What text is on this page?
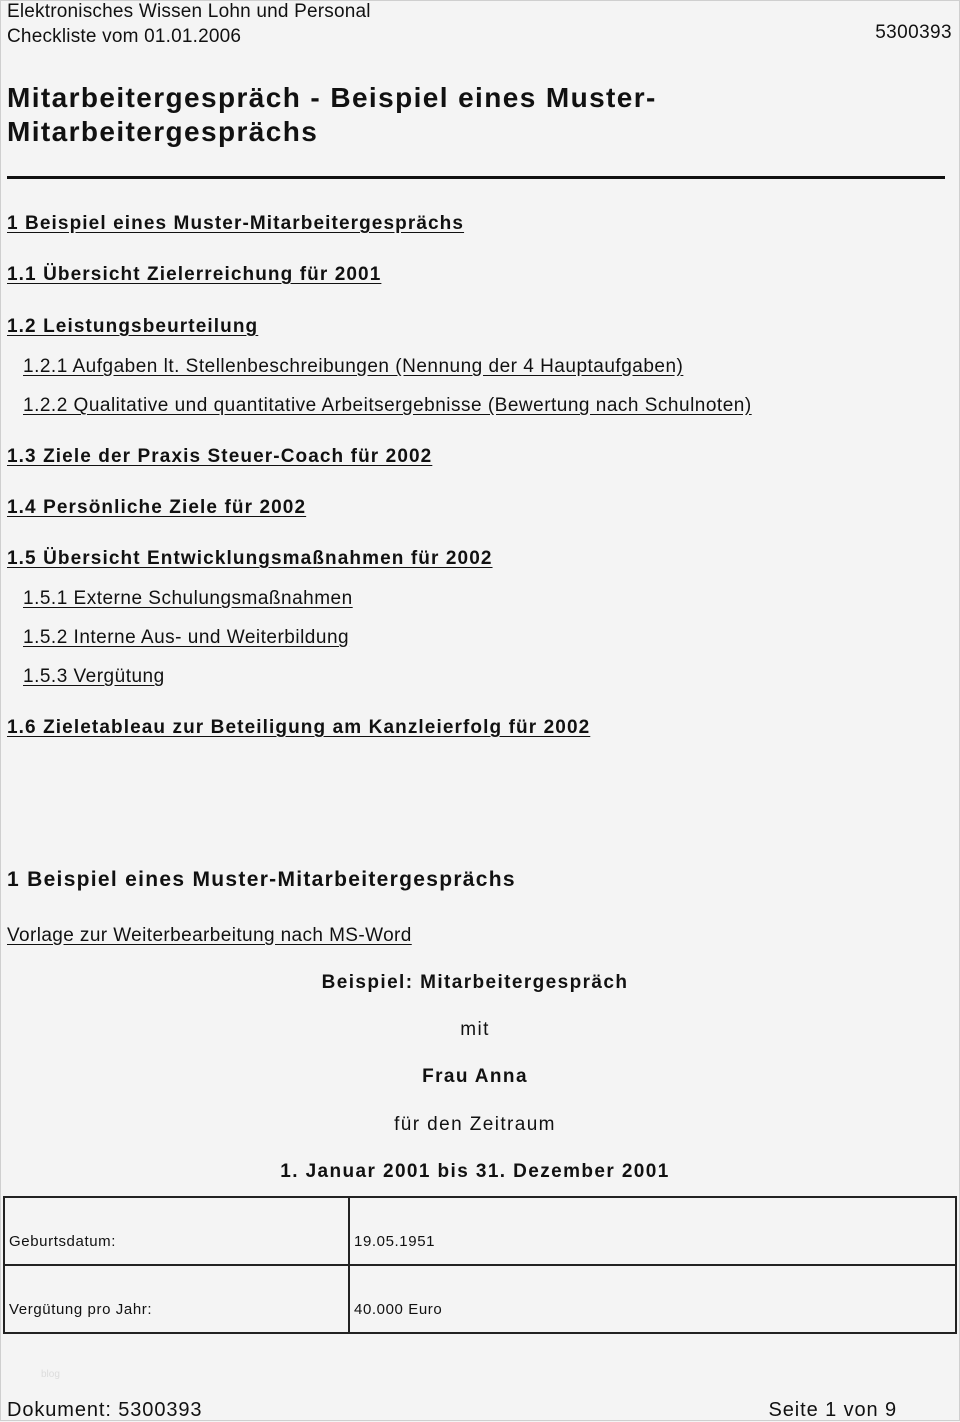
Elektronisches Wissen Lohn und Personal
Checkliste vom 01.01.2006	5300393
Mitarbeitergespräch - Beispiel eines Muster-
Mitarbeitergesprächs
1 Beispiel eines Muster-Mitarbeitergesprächs
1.1 Übersicht Zielerreichung für 2001
1.2 Leistungsbeurteilung
1.2.1 Aufgaben lt. Stellenbeschreibungen (Nennung der 4 Hauptaufgaben)
1.2.2 Qualitative und quantitative Arbeitsergebnisse (Bewertung nach Schulnoten)
1.3 Ziele der Praxis Steuer-Coach für 2002
1.4 Persönliche Ziele für 2002
1.5 Übersicht Entwicklungsmaßnahmen für 2002
1.5.1 Externe Schulungsmaßnahmen
1.5.2 Interne Aus- und Weiterbildung
1.5.3 Vergütung
1.6 Zieletableau zur Beteiligung am Kanzleierfolg für 2002
1 Beispiel eines Muster-Mitarbeitergesprächs
Vorlage zur Weiterbearbeitung nach MS-Word
Beispiel: Mitarbeitergespräch
mit
Frau Anna
für den Zeitraum
1. Januar 2001 bis 31. Dezember 2001
Geburtsdatum:	19.05.1951
Vergütung pro Jahr:	40.000 Euro
blog
Dokument: 5300393	Seite 1 von 9
